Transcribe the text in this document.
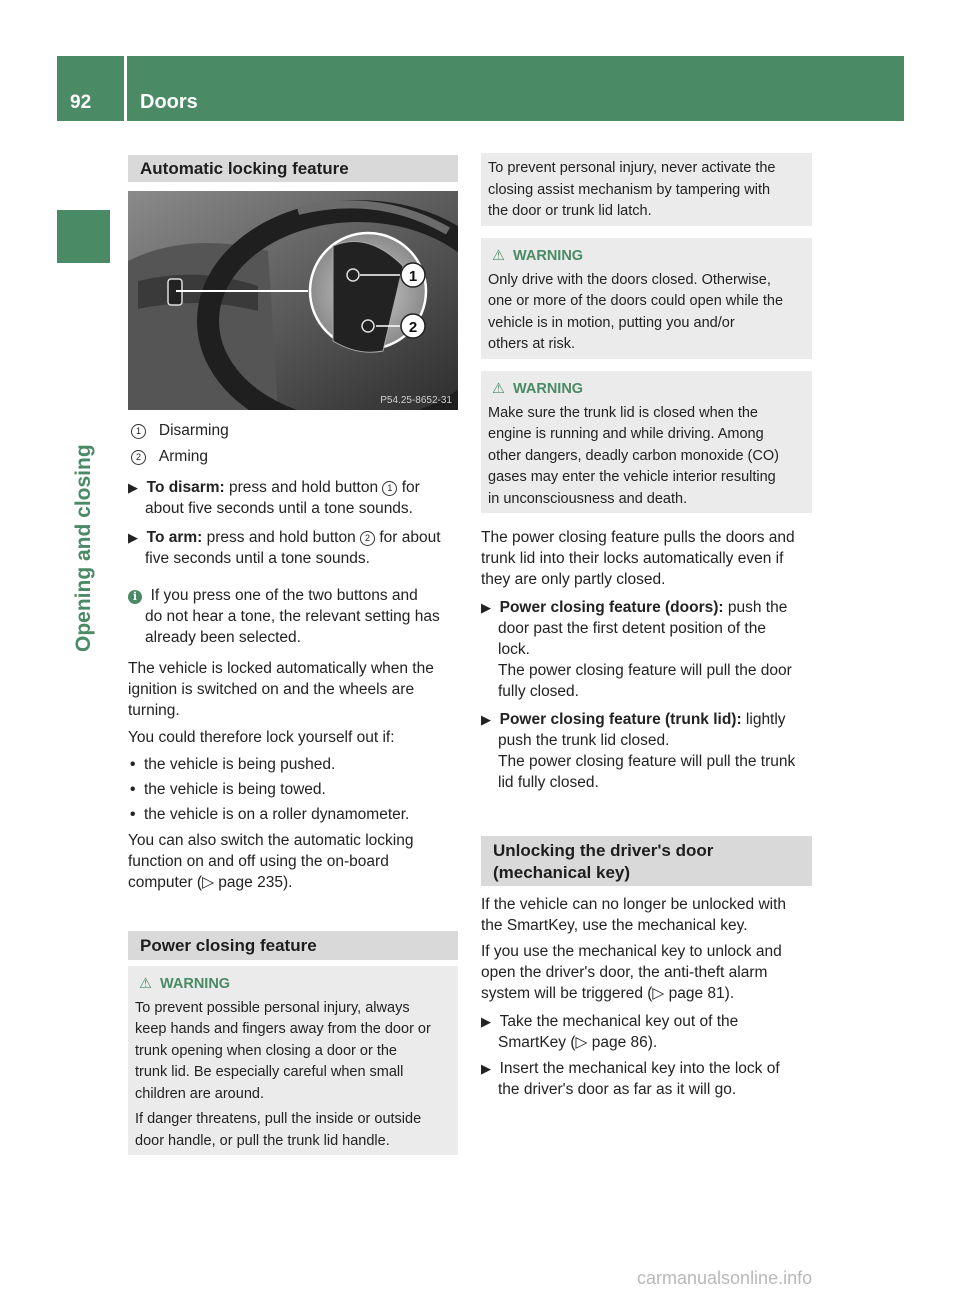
92	Doors
Opening and closing
Automatic locking feature
1
2
P54.25-8652-31
1 Disarming
2 Arming
▶ To disarm: press and hold button 1 for
about five seconds until a tone sounds.
▶ To arm: press and hold button 2 for about
five seconds until a tone sounds.
i If you press one of the two buttons and
do not hear a tone, the relevant setting has
already been selected.
The vehicle is locked automatically when the
ignition is switched on and the wheels are
turning.
You could therefore lock yourself out if:
• the vehicle is being pushed.
• the vehicle is being towed.
• the vehicle is on a roller dynamometer.
You can also switch the automatic locking
function on and off using the on-board
computer (▷ page 235).
Power closing feature
⚠ WARNING
To prevent possible personal injury, always
keep hands and fingers away from the door or
trunk opening when closing a door or the
trunk lid. Be especially careful when small
children are around.
If danger threatens, pull the inside or outside
door handle, or pull the trunk lid handle.
To prevent personal injury, never activate the
closing assist mechanism by tampering with
the door or trunk lid latch.
⚠ WARNING
Only drive with the doors closed. Otherwise,
one or more of the doors could open while the
vehicle is in motion, putting you and/or
others at risk.
⚠ WARNING
Make sure the trunk lid is closed when the
engine is running and while driving. Among
other dangers, deadly carbon monoxide (CO)
gases may enter the vehicle interior resulting
in unconsciousness and death.
The power closing feature pulls the doors and
trunk lid into their locks automatically even if
they are only partly closed.
▶ Power closing feature (doors): push the
door past the first detent position of the
lock.
The power closing feature will pull the door
fully closed.
▶ Power closing feature (trunk lid): lightly
push the trunk lid closed.
The power closing feature will pull the trunk
lid fully closed.
Unlocking the driver's door
(mechanical key)
If the vehicle can no longer be unlocked with
the SmartKey, use the mechanical key.
If you use the mechanical key to unlock and
open the driver's door, the anti-theft alarm
system will be triggered (▷ page 81).
▶ Take the mechanical key out of the
SmartKey (▷ page 86).
▶ Insert the mechanical key into the lock of
the driver's door as far as it will go.
carmanualsonline.info
